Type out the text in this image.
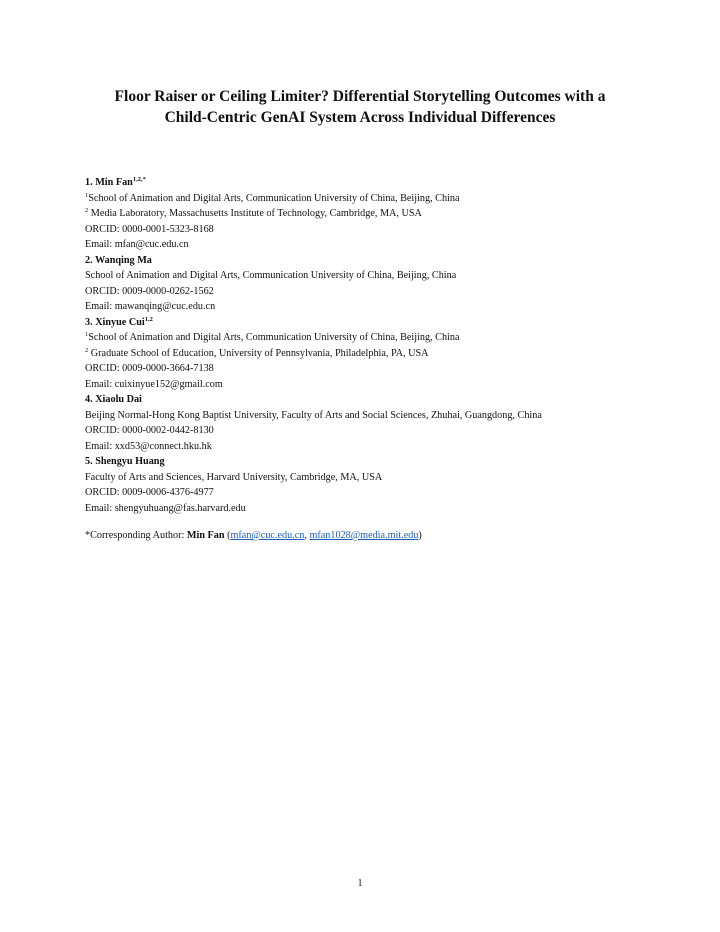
Floor Raiser or Ceiling Limiter? Differential Storytelling Outcomes with a
Child-Centric GenAI System Across Individual Differences
1. Min Fan$^{1,2,*}$
$^1$School of Animation and Digital Arts, Communication University of China, Beijing, China
$^2$ Media Laboratory, Massachusetts Institute of Technology, Cambridge, MA, USA
ORCID: 0000-0001-5323-8168
Email: mfan@cuc.edu.cn
2. Wanqing Ma
School of Animation and Digital Arts, Communication University of China, Beijing, China
ORCID: 0009-0000-0262-1562
Email: mawanqing@cuc.edu.cn
3. Xinyue Cui$^{1,2}$
$^1$School of Animation and Digital Arts, Communication University of China, Beijing, China
$^2$ Graduate School of Education, University of Pennsylvania, Philadelphia, PA, USA
ORCID: 0009-0000-3664-7138
Email: cuixinyue152@gmail.com
4. Xiaolu Dai
Beijing Normal-Hong Kong Baptist University, Faculty of Arts and Social Sciences, Zhuhai, Guangdong, China
ORCID: 0000-0002-0442-8130
Email: xxd53@connect.hku.hk
5. Shengyu Huang
Faculty of Arts and Sciences, Harvard University, Cambridge, MA, USA
ORCID: 0009-0006-4376-4977
Email: shengyuhuang@fas.harvard.edu
*Corresponding Author: Min Fan (mfan@cuc.edu.cn, mfan1028@media.mit.edu)
1
